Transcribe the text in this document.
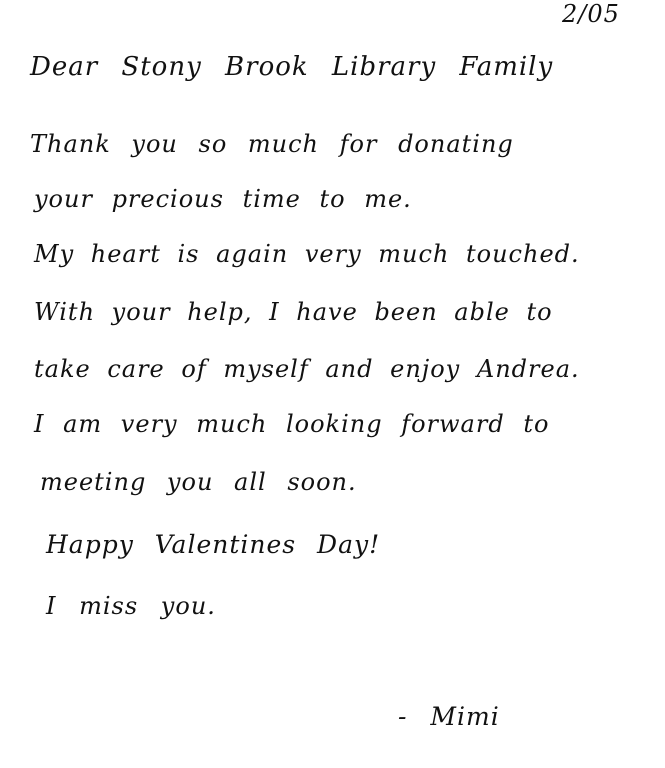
2/05
Dear Stony Brook Library Family
Thank you so much for donating
your precious time to me.
My heart is again very much touched.
With your help, I have been able to
take care of myself and enjoy Andrea.
I am very much looking forward to
meeting you all soon.
Happy Valentines Day!
I miss you.
- Mimi
